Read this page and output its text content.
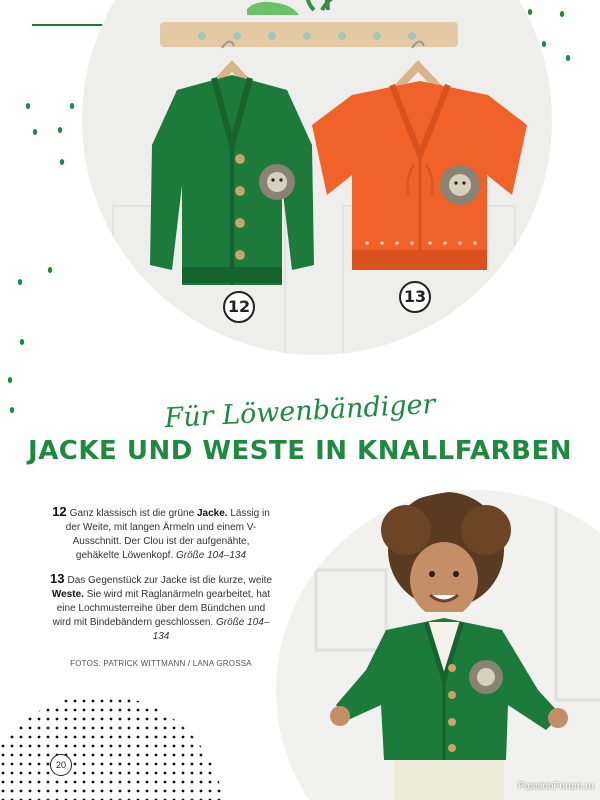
12
13
Für Löwenbändiger
JACKE UND WESTE IN KNALLFARBEN
12 Ganz klassisch ist die grüne Jacke. Lässig in der Weite, mit langen Ärmeln und einem V-Ausschnitt. Der Clou ist der aufgenähte, gehäkelte Löwenkopf. Größe 104–134
13 Das Gegenstück zur Jacke ist die kurze, weite Weste. Sie wird mit Raglanärmeln gearbeitet, hat eine Lochmusterreihe über dem Bündchen und wird mit Bindebändern geschlossen. Größe 104–134
FOTOS: PATRICK WITTMANN / LANA GROSSA
20
PassionForum.ru
